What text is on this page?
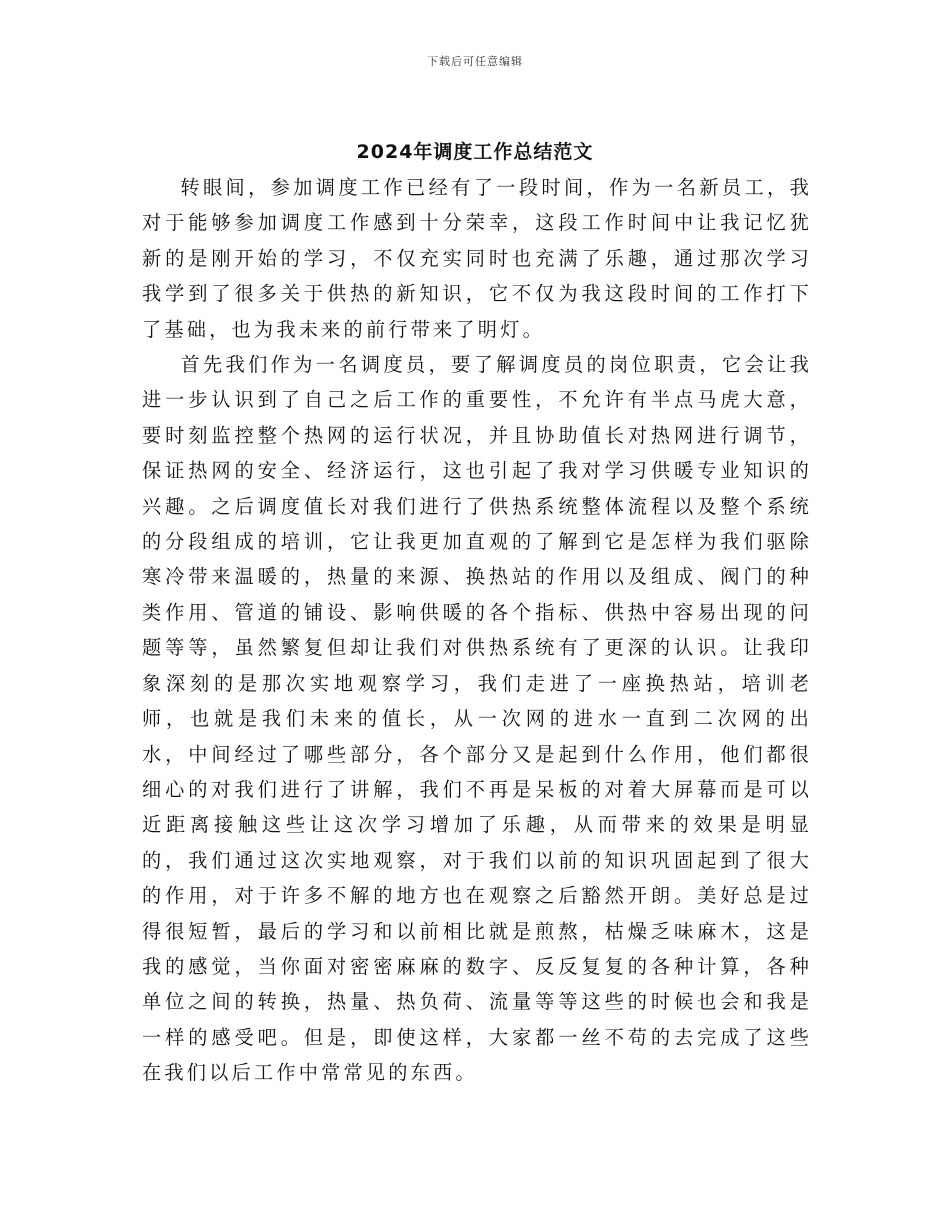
下载后可任意编辑
2024年调度工作总结范文

转眼间，参加调度工作已经有了一段时间，作为一名新员工，我对于能够参加调度工作感到十分荣幸，这段工作时间中让我记忆犹新的是刚开始的学习，不仅充实同时也充满了乐趣，通过那次学习我学到了很多关于供热的新知识，它不仅为我这段时间的工作打下了基础，也为我未来的前行带来了明灯。

首先我们作为一名调度员，要了解调度员的岗位职责，它会让我进一步认识到了自己之后工作的重要性，不允许有半点马虎大意，要时刻监控整个热网的运行状况，并且协助值长对热网进行调节，保证热网的安全、经济运行，这也引起了我对学习供暖专业知识的兴趣。之后调度值长对我们进行了供热系统整体流程以及整个系统的分段组成的培训，它让我更加直观的了解到它是怎样为我们驱除寒冷带来温暖的，热量的来源、换热站的作用以及组成、阀门的种类作用、管道的铺设、影响供暖的各个指标、供热中容易出现的问题等等，虽然繁复但却让我们对供热系统有了更深的认识。让我印象深刻的是那次实地观察学习，我们走进了一座换热站，培训老师，也就是我们未来的值长，从一次网的进水一直到二次网的出水，中间经过了哪些部分，各个部分又是起到什么作用，他们都很细心的对我们进行了讲解，我们不再是呆板的对着大屏幕而是可以近距离接触这些让这次学习增加了乐趣，从而带来的效果是明显的，我们通过这次实地观察，对于我们以前的知识巩固起到了很大的作用，对于许多不解的地方也在观察之后豁然开朗。美好总是过得很短暂，最后的学习和以前相比就是煎熬，枯燥乏味麻木，这是我的感觉，当你面对密密麻麻的数字、反反复复的各种计算，各种单位之间的转换，热量、热负荷、流量等等这些的时候也会和我是一样的感受吧。但是，即使这样，大家都一丝不苟的去完成了这些在我们以后工作中常常见的东西。
